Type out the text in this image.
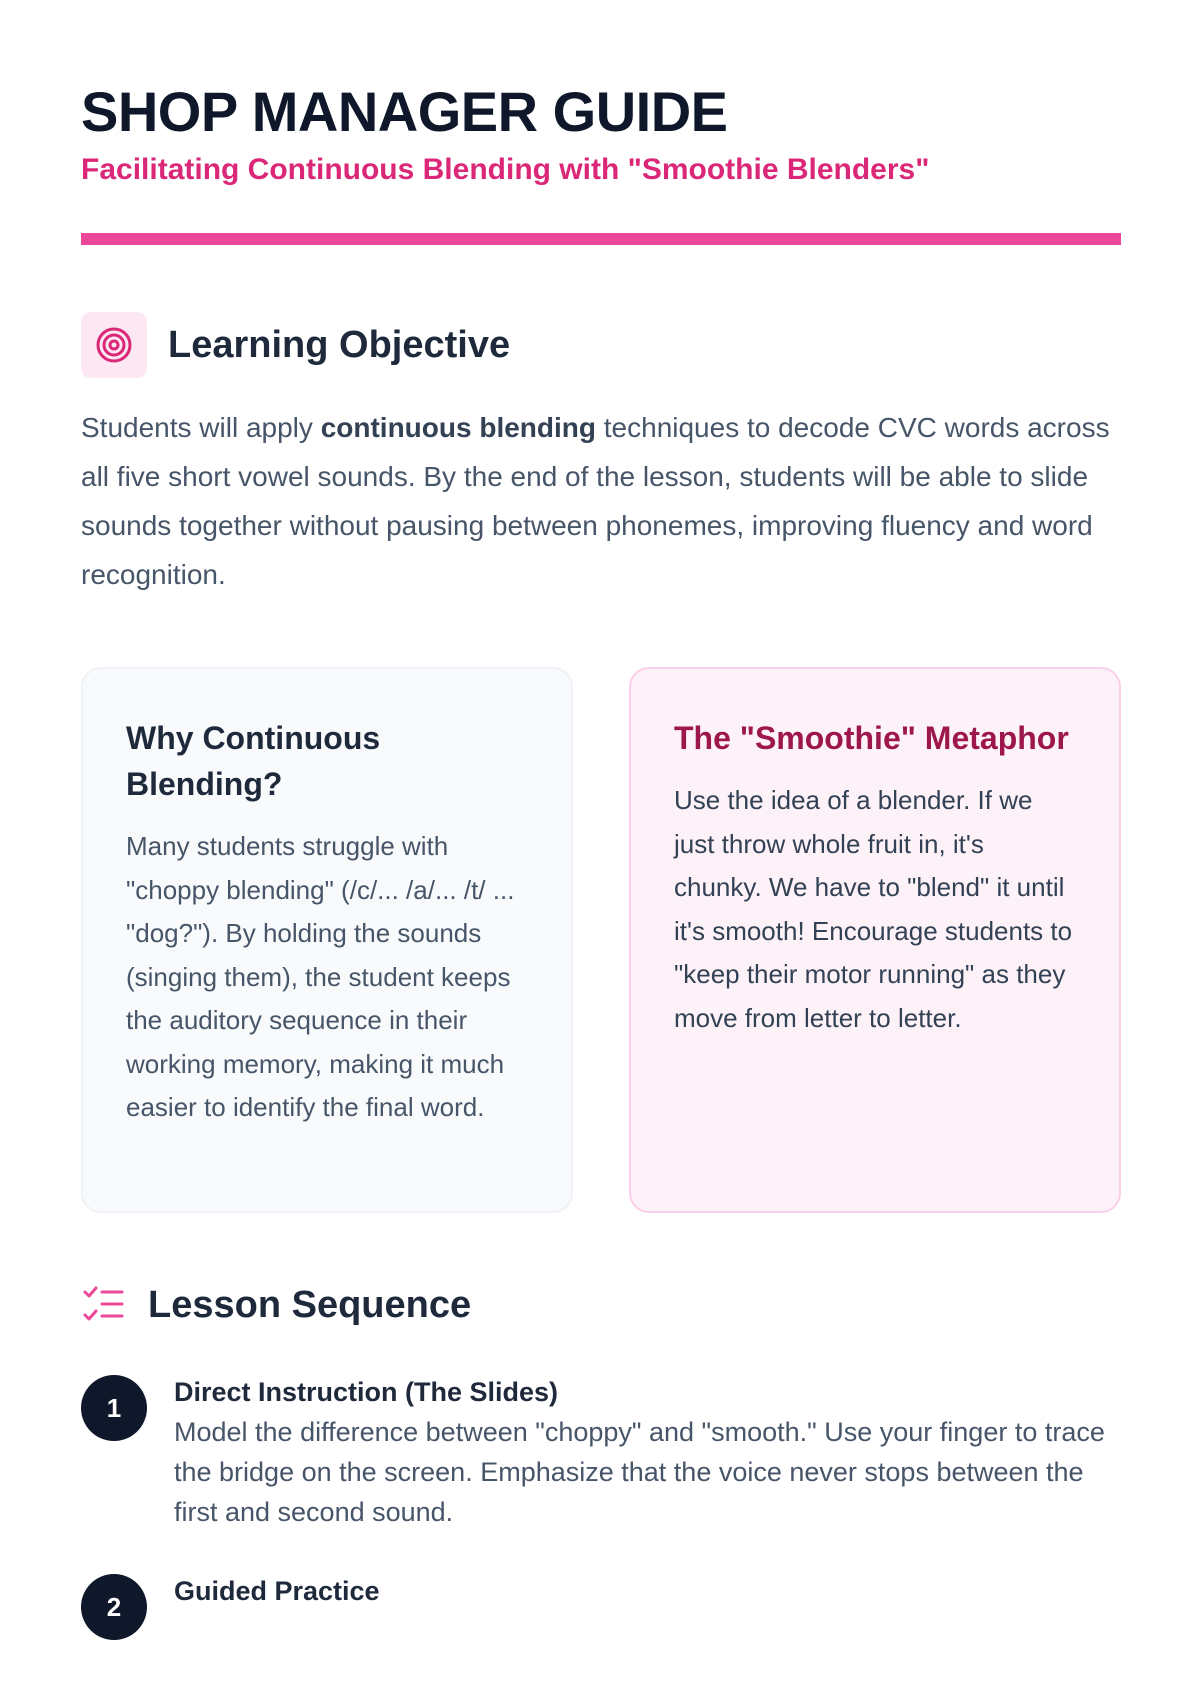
SHOP MANAGER GUIDE
Facilitating Continuous Blending with "Smoothie Blenders"
Learning Objective

Students will apply continuous blending techniques to decode CVC words across all five short vowel sounds. By the end of the lesson, students will be able to slide sounds together without pausing between phonemes, improving fluency and word recognition.

Why Continuous Blending?

Many students struggle with "choppy blending" (/c/... /a/... /t/ ... "dog?"). By holding the sounds (singing them), the student keeps the auditory sequence in their working memory, making it much easier to identify the final word.

The "Smoothie" Metaphor

Use the idea of a blender. If we just throw whole fruit in, it's chunky. We have to "blend" it until it's smooth! Encourage students to "keep their motor running" as they move from letter to letter.

Lesson Sequence
1
Direct Instruction (The Slides)

Model the difference between "choppy" and "smooth." Use your finger to trace the bridge on the screen. Emphasize that the voice never stops between the first and second sound.

2
Guided Practice
